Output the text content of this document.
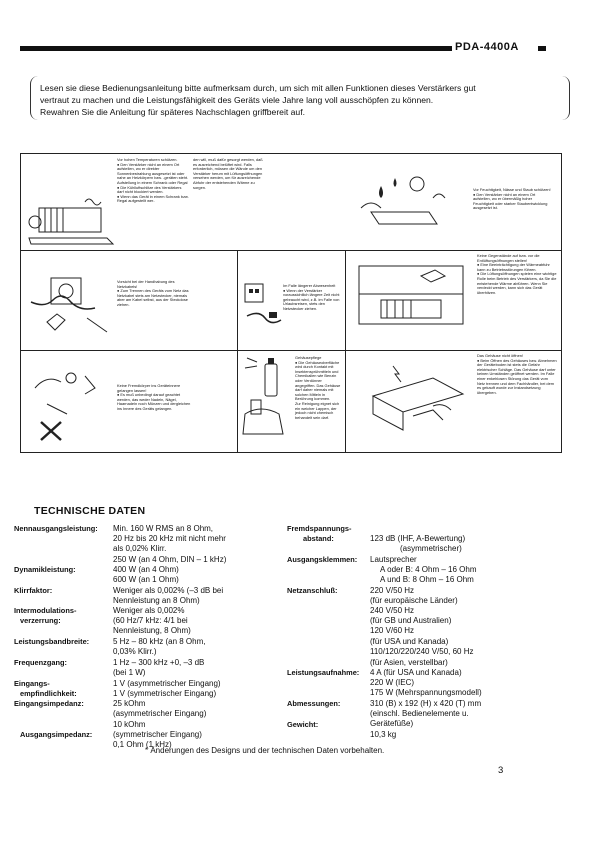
PDA-4400A
Lesen sie diese Bedienungsanleitung bitte aufmerksam durch, um sich mit allen Funktionen dieses Verstärkers gut
vertraut zu machen und die Leistungsfähigkeit des Geräts viele Jahre lang voll ausschöpfen zu können.
Rewahren Sie die Anleitung für späteres Nachschlagen griffbereit auf.
Vor hohen Temperaturen schützen.
● Den Verstärker nicht an einem Ort aufstellen, wo er direkter Sonnenbestrahlung ausgesetzt ist oder nahe an Heizkörpern bzw. -geräten steht.
Aufstellung in einem Schrank oder Regal
● Die Kühlluftschlitze des Verstärkers darf nicht blockiert werden.
● Wenn das Gerät in einem Schrank bzw. Regal aufgestellt wer-
den will, muß dafür gesorgt werden, daß es ausreichend belüftet wird. Falls erforderlich, müssen die Wände um den Verstärker herum mit Lüftungsöffnungen versehen werden, um für ausreichende Abfuhr der entstehenden Wärme zu sorgen.	Vor Feuchtigkeit, Nässe und Staub schützen!
● Den Verstärker nicht an einem Ort aufstellen, wo er übermäßig hoher Feuchtigkeit oder starker Staubentwicklung ausgesetzt ist.
Vorsicht bei der Handhabung des Netzkabels!
● Zum Trennen des Geräts vom Netz das Netzkabel stets am Netzstecker, niemals aber am Kabel selbst, aus der Steckdose ziehen.
Im Falle längerer Abwesenheit
● Wenn der Verstärker voraussichtlich längere Zeit nicht gebraucht wird, z.B. im Falle von Urlaubsreisen, stets den Netzstecker ziehen.
Keine Gegenstände auf bzw. vor die Entlüftungsöffnungen stellen!
● Eine Beeinträchtigung der Wärmeabfuhr kann zu Betriebsstörungen führen.
● Die Lüftungsöffnungen spielen eine wichtige Rolle beim Betrieb des Verstärkers, da Sie die entstehende Wärme abführen. Wenn Sie verdeckt werden, kann sich das Gerät überhitzen.
Keine Fremdkörper ins Geräteinnere gelangen lassen!
● Es muß unbedingt darauf geachtet werden, das weder Nadeln, Nägel, Haarnadeln noch Münzen und dergleichen ins Innere des Geräts gelangen.
Gehäusepflege
● Die Gehäuseoberfläche wird durch Kontakt mit Insektensprühmitteln und Chemikalien wie Benzin oder Verdünner angegriffen. Das Gehäuse darf daher niemals mit solchen Mitteln in Berührung kommen.
Zur Reinigung eignet sich ein weicher Lappen, der jedoch nicht chemisch behandelt sein darf.
Das Gehäuse nicht öffnen!
● Beim Öffnen des Gehäuses bzw. Abnehmen der Geräteboden ist stets die Gefahr elektrischer Schläge. Das Gehäuse darf unter keinen Umständen geöffnet werden. Im Falle einer enkehlosen Störung das Gerät vom Netz trennen und dem Fachhändler, bei dem es gekauft wurde zur Instandsetzung übergeben.
TECHNISCHE DATEN
Nennausgangsleistung:
Dynamikleistung:
Klirrfaktor:
Intermodulations-
verzerrung:
Leistungsbandbreite:
Frequenzgang:
Eingangs-
empfindlichkeit:
Eingangsimpedanz:
Ausgangsimpedanz:
Min. 160 W RMS an 8 Ohm,
20 Hz bis 20 kHz mit nicht mehr
als 0,02% Klirr.
250 W (an 4 Ohm, DIN – 1 kHz)
400 W (an 4 Ohm)
600 W (an 1 Ohm)
Weniger als 0,002% (–3 dB bei
Nennleistung an 8 Ohm)
Weniger als 0,002%
(60 Hz/7 kHz: 4/1 bei
Nennleistung, 8 Ohm)
5 Hz – 80 kHz (an 8 Ohm,
0,03% Klirr.)
1 Hz – 300 kHz +0, –3 dB
(bei 1 W)
1 V (asymmetrischer Eingang)
1 V (symmetrischer Eingang)
25 kOhm
(asymmetrischer Eingang)
10 kOhm
(symmetrischer Eingang)
0,1 Ohm (1 kHz)
Fremdspannungs-
abstand:
Ausgangsklemmen:
Netzanschluß:
Leistungsaufnahme:
Abmessungen:
Gewicht:
123 dB (IHF, A-Bewertung)
(asymmetrischer)
Lautsprecher
A oder B: 4 Ohm – 16 Ohm
A und B: 8 Ohm – 16 Ohm
220 V/50 Hz
(für europäische Länder)
240 V/50 Hz
(für GB und Australien)
120 V/60 Hz
(für USA und Kanada)
110/120/220/240 V/50, 60 Hz
(für Asien, verstellbar)
4 A (für USA und Kanada)
220 W (IEC)
175 W (Mehrspannungsmodell)
310 (B) x 192 (H) x 420 (T) mm
(einschl. Bedienelemente u.
Gerätefüße)
10,3 kg
* Änderungen des Designs und der technischen Daten vorbehalten.
3
